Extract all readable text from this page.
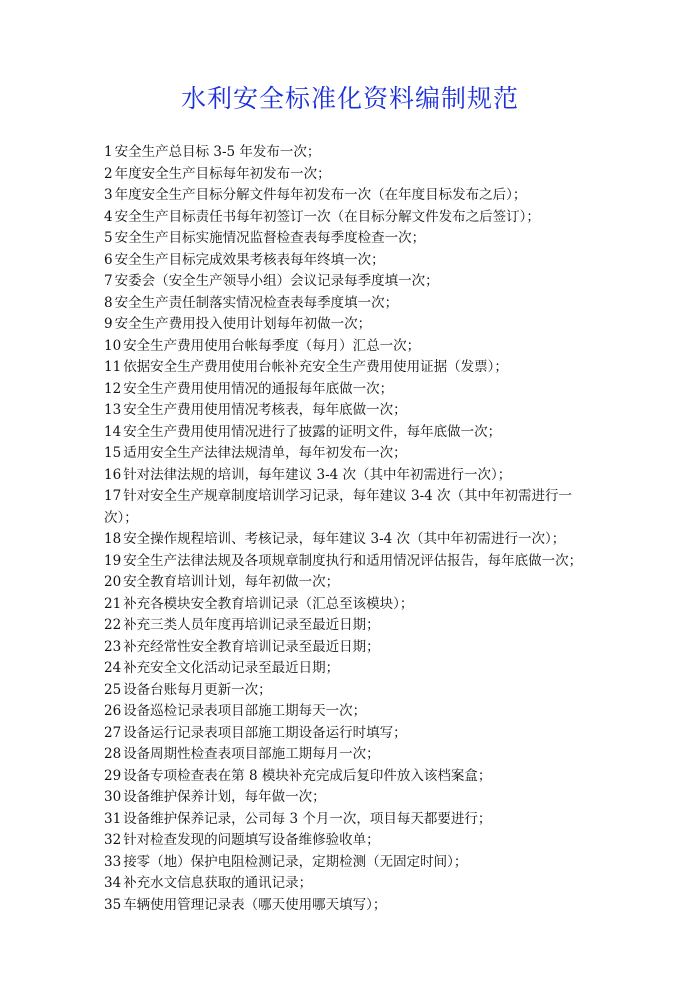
水利安全标准化资料编制规范
1 安全生产总目标 3-5 年发布一次；
2 年度安全生产目标每年初发布一次；
3 年度安全生产目标分解文件每年初发布一次（在年度目标发布之后）；
4 安全生产目标责任书每年初签订一次（在目标分解文件发布之后签订）；
5 安全生产目标实施情况监督检查表每季度检查一次；
6 安全生产目标完成效果考核表每年终填一次；
7 安委会（安全生产领导小组）会议记录每季度填一次；
8 安全生产责任制落实情况检查表每季度填一次；
9 安全生产费用投入使用计划每年初做一次；
10 安全生产费用使用台帐每季度（每月）汇总一次；
11 依据安全生产费用使用台帐补充安全生产费用使用证据（发票）；
12 安全生产费用使用情况的通报每年底做一次；
13 安全生产费用使用情况考核表，每年底做一次；
14 安全生产费用使用情况进行了披露的证明文件，每年底做一次；
15 适用安全生产法律法规清单，每年初发布一次；
16 针对法律法规的培训，每年建议 3-4 次（其中年初需进行一次）；
17 针对安全生产规章制度培训学习记录，每年建议 3-4 次（其中年初需进行一次）；
18 安全操作规程培训、考核记录，每年建议 3-4 次（其中年初需进行一次）；
19 安全生产法律法规及各项规章制度执行和适用情况评估报告，每年底做一次；
20 安全教育培训计划，每年初做一次；
21 补充各模块安全教育培训记录（汇总至该模块）；
22 补充三类人员年度再培训记录至最近日期；
23 补充经常性安全教育培训记录至最近日期；
24 补充安全文化活动记录至最近日期；
25 设备台账每月更新一次；
26 设备巡检记录表项目部施工期每天一次；
27 设备运行记录表项目部施工期设备运行时填写；
28 设备周期性检查表项目部施工期每月一次；
29 设备专项检查表在第 8 模块补充完成后复印件放入该档案盒；
30 设备维护保养计划，每年做一次；
31 设备维护保养记录，公司每 3 个月一次，项目每天都要进行；
32 针对检查发现的问题填写设备维修验收单；
33 接零（地）保护电阻检测记录，定期检测（无固定时间）；
34 补充水文信息获取的通讯记录；
35 车辆使用管理记录表（哪天使用哪天填写）；
